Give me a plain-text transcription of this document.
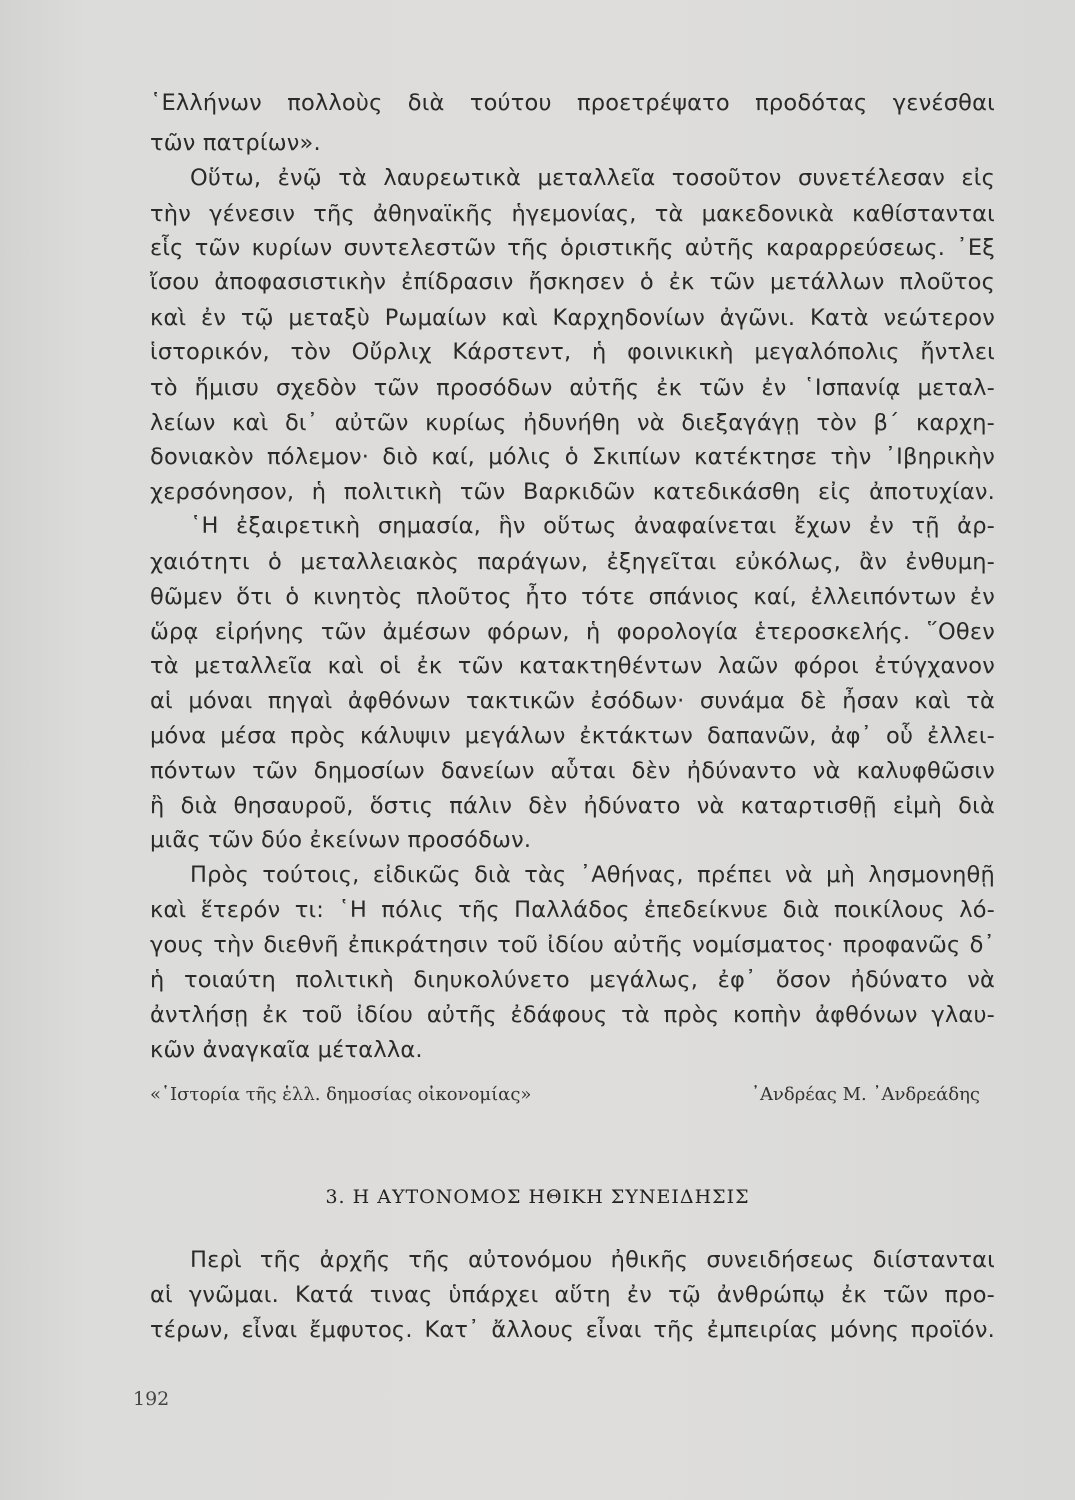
῾Ελλήνων πολλοὺς διὰ τούτου προετρέψατο προδότας γενέσθαι
τῶν πατρίων».
Οὕτω, ἐνῷ τὰ λαυρεωτικὰ μεταλλεῖα τοσοῦτον συνετέλεσαν εἰς
τὴν γένεσιν τῆς ἀθηναϊκῆς ἡγεμονίας, τὰ μακεδονικὰ καθίστανται
εἷς τῶν κυρίων συντελεστῶν τῆς ὁριστικῆς αὐτῆς καραρρεύσεως. ᾿Εξ
ἴσου ἀποφασιστικὴν ἐπίδρασιν ἤσκησεν ὁ ἐκ τῶν μετάλλων πλοῦτος
καὶ ἐν τῷ μεταξὺ Ρωμαίων καὶ Καρχηδονίων ἀγῶνι. Κατὰ νεώτερον
ἱστορικόν, τὸν Οὔρλιχ Κάρστεντ, ἡ φοινικικὴ μεγαλόπολις ἤντλει
τὸ ἥμισυ σχεδὸν τῶν προσόδων αὐτῆς ἐκ τῶν ἐν ῾Ισπανίᾳ μεταλ-
λείων καὶ δι᾿ αὐτῶν κυρίως ἠδυνήθη νὰ διεξαγάγῃ τὸν β΄ καρχη-
δονιακὸν πόλεμον· διὸ καί, μόλις ὁ Σκιπίων κατέκτησε τὴν ᾿Ιβηρικὴν
χερσόνησον, ἡ πολιτικὴ τῶν Βαρκιδῶν κατεδικάσθη εἰς ἀποτυχίαν.
῾Η ἐξαιρετικὴ σημασία, ἣν οὕτως ἀναφαίνεται ἔχων ἐν τῇ ἀρ-
χαιότητι ὁ μεταλλειακὸς παράγων, ἐξηγεῖται εὐκόλως, ἂν ἐνθυμη-
θῶμεν ὅτι ὁ κινητὸς πλοῦτος ἦτο τότε σπάνιος καί, ἐλλειπόντων ἐν
ὥρᾳ εἰρήνης τῶν ἀμέσων φόρων, ἡ φορολογία ἑτεροσκελής. ῞Οθεν
τὰ μεταλλεῖα καὶ οἱ ἐκ τῶν κατακτηθέντων λαῶν φόροι ἐτύγχανον
αἱ μόναι πηγαὶ ἀφθόνων τακτικῶν ἐσόδων· συνάμα δὲ ἦσαν καὶ τὰ
μόνα μέσα πρὸς κάλυψιν μεγάλων ἐκτάκτων δαπανῶν, ἀφ᾿ οὗ ἐλλει-
πόντων τῶν δημοσίων δανείων αὗται δὲν ἠδύναντο νὰ καλυφθῶσιν
ἢ διὰ θησαυροῦ, ὅστις πάλιν δὲν ἠδύνατο νὰ καταρτισθῇ εἰμὴ διὰ
μιᾶς τῶν δύο ἐκείνων προσόδων.
Πρὸς τούτοις, εἰδικῶς διὰ τὰς ᾿Αθήνας, πρέπει νὰ μὴ λησμονηθῇ
καὶ ἕτερόν τι: ῾Η πόλις τῆς Παλλάδος ἐπεδείκνυε διὰ ποικίλους λό-
γους τὴν διεθνῆ ἐπικράτησιν τοῦ ἰδίου αὐτῆς νομίσματος· προφανῶς δ᾿
ἡ τοιαύτη πολιτικὴ διηυκολύνετο μεγάλως, ἐφ᾿ ὅσον ἠδύνατο νὰ
ἀντλήσῃ ἐκ τοῦ ἰδίου αὐτῆς ἐδάφους τὰ πρὸς κοπὴν ἀφθόνων γλαυ-
κῶν ἀναγκαῖα μέταλλα.
«῾Ιστορία τῆς ἑλλ. δημοσίας οἰκονομίας»	᾿Ανδρέας Μ. ᾿Ανδρεάδης
3. Η ΑΥΤΟΝΟΜΟΣ ΗΘΙΚΗ ΣΥΝΕΙΔΗΣΙΣ
Περὶ τῆς ἀρχῆς τῆς αὐτονόμου ἠθικῆς συνειδήσεως διίστανται
αἱ γνῶμαι. Κατά τινας ὑπάρχει αὕτη ἐν τῷ ἀνθρώπῳ ἐκ τῶν προ-
τέρων, εἶναι ἔμφυτος. Κατ᾿ ἄλλους εἶναι τῆς ἐμπειρίας μόνης προϊόν.
192
